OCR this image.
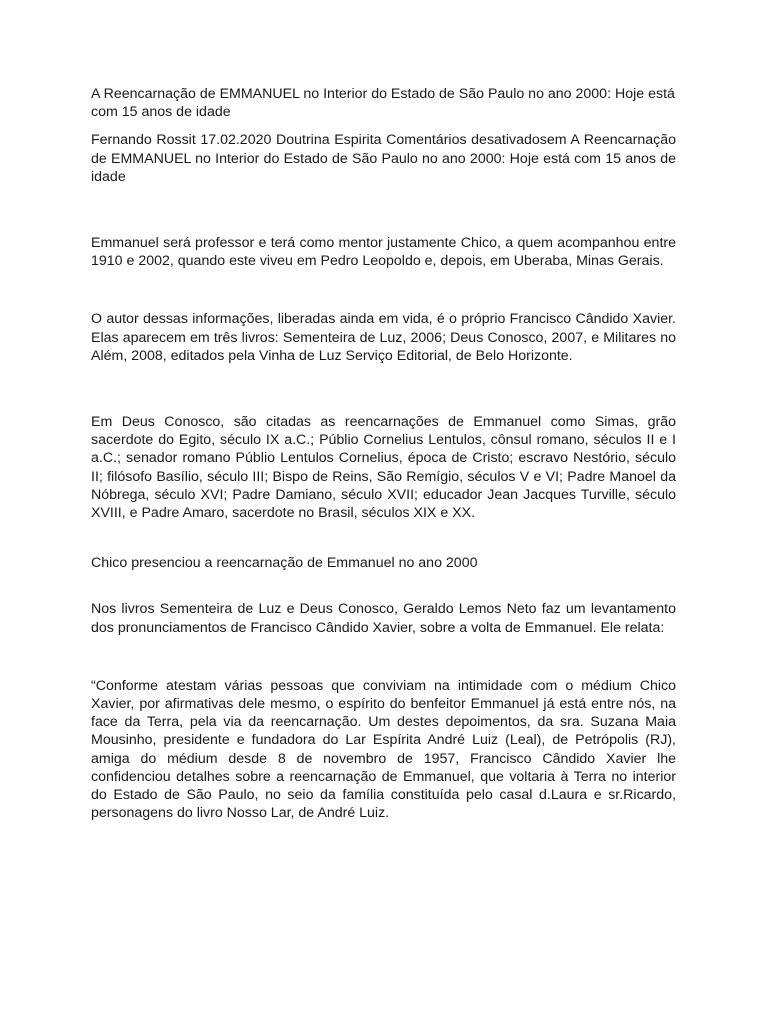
A Reencarnação de EMMANUEL no Interior do Estado de São Paulo no ano 2000: Hoje está com 15 anos de idade

Fernando Rossit 17.02.2020 Doutrina Espirita Comentários desativadosem A Reencarnação de EMMANUEL no Interior do Estado de São Paulo no ano 2000: Hoje está com 15 anos de idade

Emmanuel será professor e terá como mentor justamente Chico, a quem acompanhou entre 1910 e 2002, quando este viveu em Pedro Leopoldo e, depois, em Uberaba, Minas Gerais.

O autor dessas informações, liberadas ainda em vida, é o próprio Francisco Cândido Xavier. Elas aparecem em três livros: Sementeira de Luz, 2006; Deus Conosco, 2007, e Militares no Além, 2008, editados pela Vinha de Luz Serviço Editorial, de Belo Horizonte.

Em Deus Conosco, são citadas as reencarnações de Emmanuel como Simas, grão sacerdote do Egito, século IX a.C.; Públio Cornelius Lentulos, cônsul romano, séculos II e I a.C.; senador romano Públio Lentulos Cornelius, época de Cristo; escravo Nestório, século II; filósofo Basílio, século III; Bispo de Reins, São Remígio, séculos V e VI; Padre Manoel da Nóbrega, século XVI; Padre Damiano, século XVII; educador Jean Jacques Turville, século XVIII, e Padre Amaro, sacerdote no Brasil, séculos XIX e XX.

Chico presenciou a reencarnação de Emmanuel no ano 2000

Nos livros Sementeira de Luz e Deus Conosco, Geraldo Lemos Neto faz um levantamento dos pronunciamentos de Francisco Cândido Xavier, sobre a volta de Emmanuel. Ele relata:

“Conforme atestam várias pessoas que conviviam na intimidade com o médium Chico Xavier, por afirmativas dele mesmo, o espírito do benfeitor Emmanuel já está entre nós, na face da Terra, pela via da reencarnação. Um destes depoimentos, da sra. Suzana Maia Mousinho, presidente e fundadora do Lar Espírita André Luiz (Leal), de Petrópolis (RJ), amiga do médium desde 8 de novembro de 1957, Francisco Cândido Xavier lhe confidenciou detalhes sobre a reencarnação de Emmanuel, que voltaria à Terra no interior do Estado de São Paulo, no seio da família constituída pelo casal d.Laura e sr.Ricardo, personagens do livro Nosso Lar, de André Luiz.
